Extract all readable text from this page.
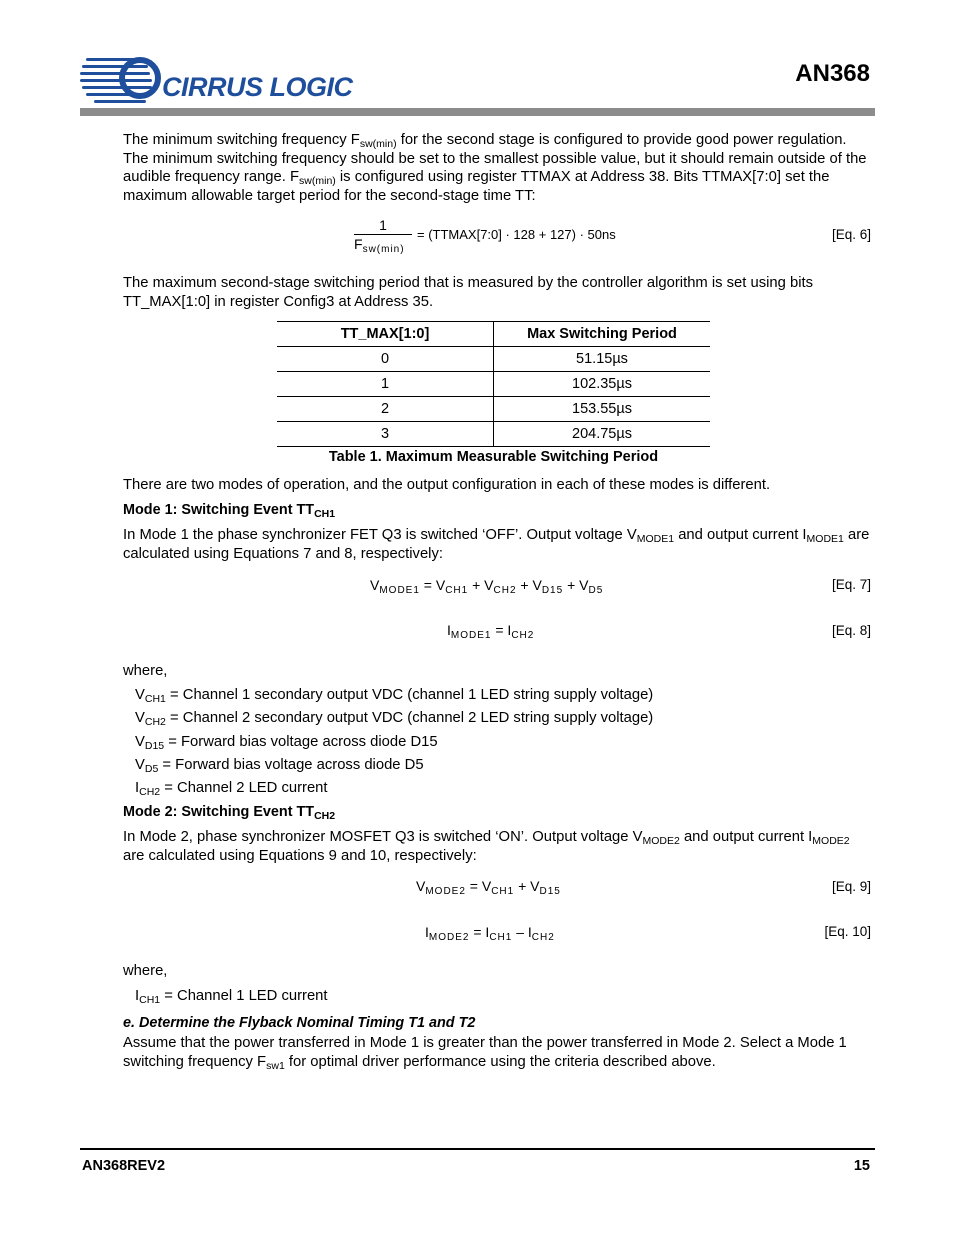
CIRRUS LOGIC	AN368
The minimum switching frequency $F_{sw(min)}$ for the second stage is configured to provide good power regulation. The minimum switching frequency should be set to the smallest possible value, but it should remain outside of the audible frequency range. $F_{sw(min)}$ is configured using register TTMAX at Address 38. Bits TTMAX[7:0] set the maximum allowable target period for the second-stage time TT:
1
$F_{sw(min)}$
= (TTMAX[7:0] · 128 + 127) · 50ns	[Eq. 6]
The maximum second-stage switching period that is measured by the controller algorithm is set using bits TT_MAX[1:0] in register Config3 at Address 35.
TT_MAX[1:0]	Max Switching Period
0	51.15µs
1	102.35µs
2	153.55µs
3	204.75µs
Table 1. Maximum Measurable Switching Period
There are two modes of operation, and the output configuration in each of these modes is different.
Mode 1: Switching Event $TT_{CH1}$
In Mode 1 the phase synchronizer FET Q3 is switched ‘OFF’. Output voltage $V_{MODE1}$ and output current $I_{MODE1}$ are calculated using Equations 7 and 8, respectively:
$V_{MODE1} = V_{CH1} + V_{CH2} + V_{D15} + V_{D5}$	[Eq. 7]
$I_{MODE1} = I_{CH2}$	[Eq. 8]
where,
$V_{CH1}$ = Channel 1 secondary output VDC (channel 1 LED string supply voltage)
$V_{CH2}$ = Channel 2 secondary output VDC (channel 2 LED string supply voltage)
$V_{D15}$ = Forward bias voltage across diode D15
$V_{D5}$ = Forward bias voltage across diode D5
$I_{CH2}$ = Channel 2 LED current
Mode 2: Switching Event $TT_{CH2}$
In Mode 2, phase synchronizer MOSFET Q3 is switched ‘ON’. Output voltage $V_{MODE2}$ and output current $I_{MODE2}$ are calculated using Equations 9 and 10, respectively:
$V_{MODE2} = V_{CH1} + V_{D15}$	[Eq. 9]
$I_{MODE2} = I_{CH1} - I_{CH2}$	[Eq. 10]
where,
$I_{CH1}$ = Channel 1 LED current
e. Determine the Flyback Nominal Timing T1 and T2
Assume that the power transferred in Mode 1 is greater than the power transferred in Mode 2. Select a Mode 1 switching frequency $F_{sw1}$ for optimal driver performance using the criteria described above.
AN368REV2	15
